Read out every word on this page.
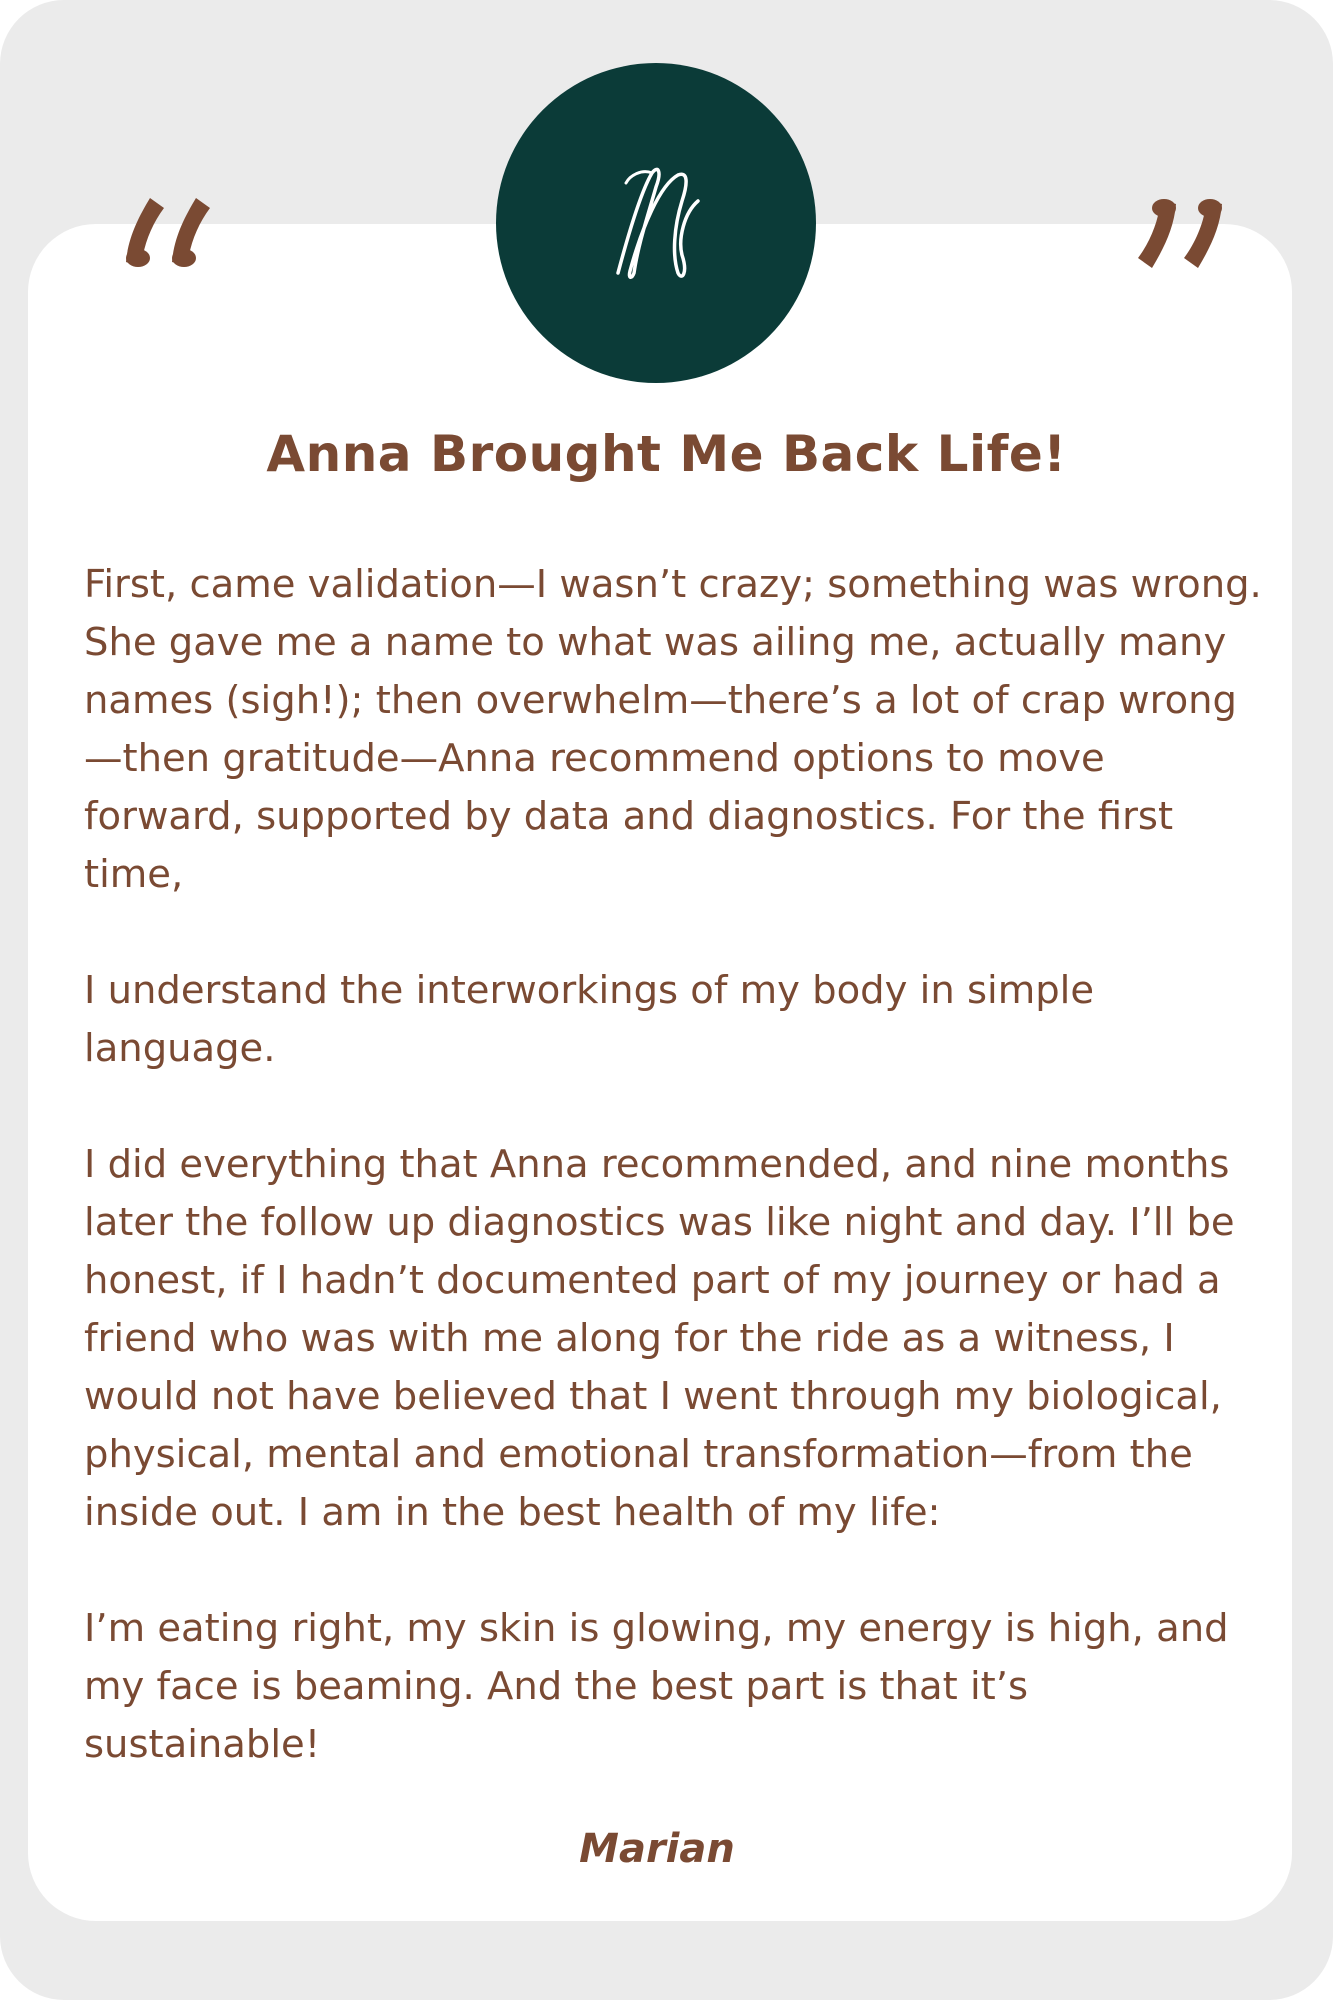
Anna Brought Me Back Life!

First, came validation—I wasn’t crazy; something was wrong. She gave me a name to what was ailing me, actually many names (sigh!); then overwhelm—there’s a lot of crap wrong—then gratitude—Anna recommend options to move forward, supported by data and diagnostics. For the first time,

I understand the interworkings of my body in simple language.

I did everything that Anna recommended, and nine months later the follow up diagnostics was like night and day. I’ll be honest, if I hadn’t documented part of my journey or had a friend who was with me along for the ride as a witness, I would not have believed that I went through my biological, physical, mental and emotional transformation—from the inside out. I am in the best health of my life:

I’m eating right, my skin is glowing, my energy is high, and my face is beaming. And the best part is that it’s sustainable!

Marian
